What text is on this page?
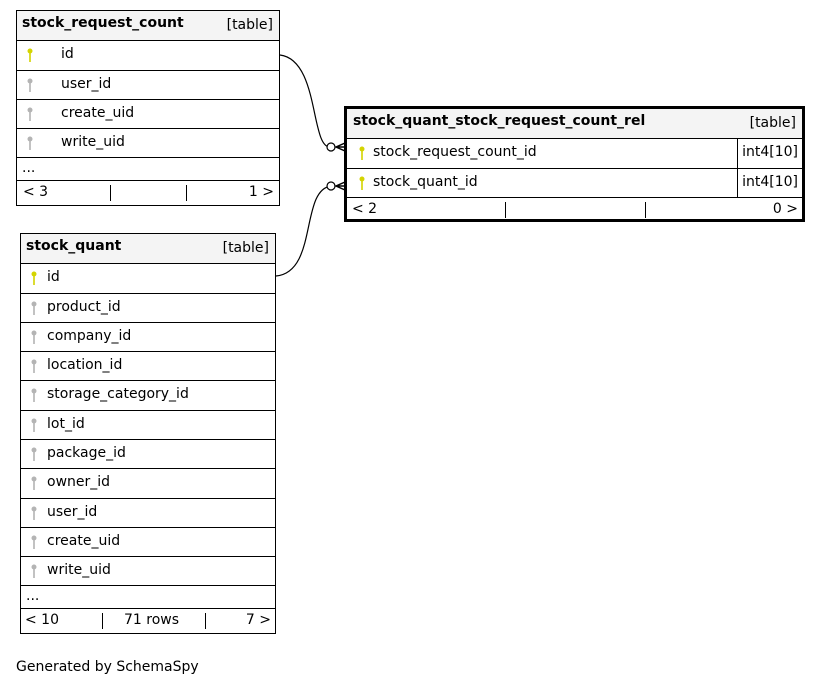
stock_request_count	[table]
id
user_id
create_uid
write_uid
...
< 3	1 >
stock_quant	[table]
id
product_id
company_id
location_id
storage_category_id
lot_id
package_id
owner_id
user_id
create_uid
write_uid
...
< 10	71 rows	7 >
stock_quant_stock_request_count_rel	[table]
stock_request_count_id	int4[10]
stock_quant_id	int4[10]
< 2	0 >
Generated by SchemaSpy
